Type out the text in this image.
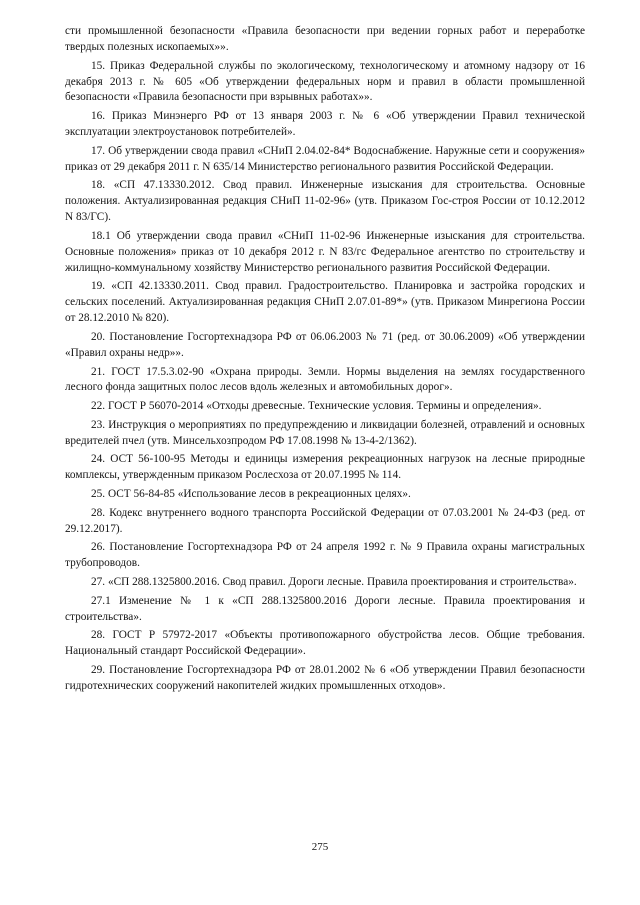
сти промышленной безопасности «Правила безопасности при ведении горных работ и переработке твердых полезных ископаемых»».

15. Приказ Федеральной службы по экологическому, технологическому и атомному надзору от 16 декабря 2013 г. № 605 «Об утверждении федеральных норм и правил в области промышленной безопасности «Правила безопасности при взрывных работах»».

16. Приказ Минэнерго РФ от 13 января 2003 г. № 6 «Об утверждении Правил технической эксплуатации электроустановок потребителей».

17. Об утверждении свода правил «СНиП 2.04.02-84* Водоснабжение. Наружные сети и сооружения» приказ от 29 декабря 2011 г. N 635/14 Министерство регионального развития Российской Федерации.

18. «СП 47.13330.2012. Свод правил. Инженерные изыскания для строительства. Основные положения. Актуализированная редакция СНиП 11-02-96» (утв. Приказом Гос-строя России от 10.12.2012 N 83/ГС).

18.1 Об утверждении свода правил «СНиП 11-02-96 Инженерные изыскания для строительства. Основные положения» приказ от 10 декабря 2012 г. N 83/гс Федеральное агентство по строительству и жилищно-коммунальному хозяйству Министерство регионального развития Российской Федерации.

19. «СП 42.13330.2011. Свод правил. Градостроительство. Планировка и застройка городских и сельских поселений. Актуализированная редакция СНиП 2.07.01-89*» (утв. Приказом Минрегиона России от 28.12.2010 № 820).

20. Постановление Госгортехнадзора РФ от 06.06.2003 № 71 (ред. от 30.06.2009) «Об утверждении «Правил охраны недр»».

21. ГОСТ 17.5.3.02-90 «Охрана природы. Земли. Нормы выделения на землях государственного лесного фонда защитных полос лесов вдоль железных и автомобильных дорог».

22. ГОСТ Р 56070-2014 «Отходы древесные. Технические условия. Термины и определения».

23. Инструкция о мероприятиях по предупреждению и ликвидации болезней, отравлений и основных вредителей пчел (утв. Минсельхозпродом РФ 17.08.1998 № 13-4-2/1362).

24. ОСТ 56-100-95 Методы и единицы измерения рекреационных нагрузок на лесные природные комплексы, утвержденным приказом Рослесхоза от 20.07.1995 № 114.

25. ОСТ 56-84-85 «Использование лесов в рекреационных целях».

28. Кодекс внутреннего водного транспорта Российской Федерации от 07.03.2001 № 24-ФЗ (ред. от 29.12.2017).

26. Постановление Госгортехнадзора РФ от 24 апреля 1992 г. № 9 Правила охраны магистральных трубопроводов.

27. «СП 288.1325800.2016. Свод правил. Дороги лесные. Правила проектирования и строительства».

27.1 Изменение № 1 к «СП 288.1325800.2016 Дороги лесные. Правила проектирования и строительства».

28. ГОСТ Р 57972-2017 «Объекты противопожарного обустройства лесов. Общие требования. Национальный стандарт Российской Федерации».

29. Постановление Госгортехнадзора РФ от 28.01.2002 № 6 «Об утверждении Правил безопасности гидротехнических сооружений накопителей жидких промышленных отходов».

275
